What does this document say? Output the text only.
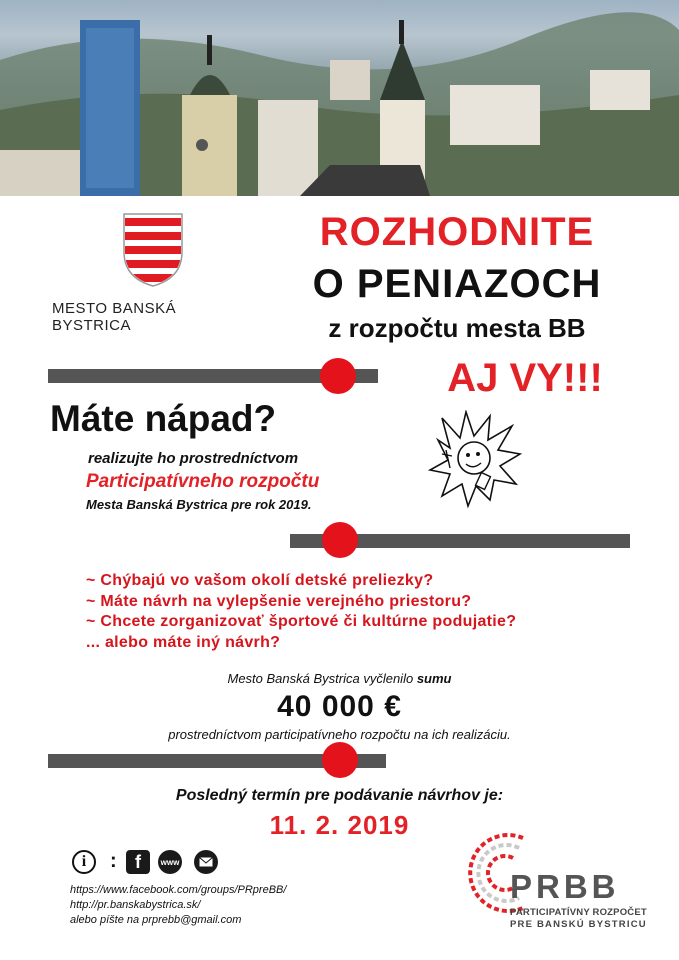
MESTO BANSKÁ BYSTRICA
ROZHODNITE
O PENIAZOCH
z rozpočtu mesta BB
AJ VY!!!
Máte nápad?
realizujte ho prostredníctvom
Participatívneho rozpočtu
Mesta Banská Bystrica pre rok 2019.
~ Chýbajú vo vašom okolí detské preliezky?
~ Máte návrh na vylepšenie verejného priestoru?
~ Chcete zorganizovať športové či kultúrne podujatie?
... alebo máte iný návrh?
Mesto Banská Bystrica vyčlenilo sumu
40 000 €
prostredníctvom participatívneho rozpočtu na ich realizáciu.
Posledný termín pre podávanie návrhov je:
11. 2. 2019
i	:	f	www
https://www.facebook.com/groups/PRpreBB/
http://pr.banskabystrica.sk/
alebo píšte na prprebb@gmail.com
PRBB
PARTICIPATÍVNY ROZPOČET
PRE BANSKÚ BYSTRICU
